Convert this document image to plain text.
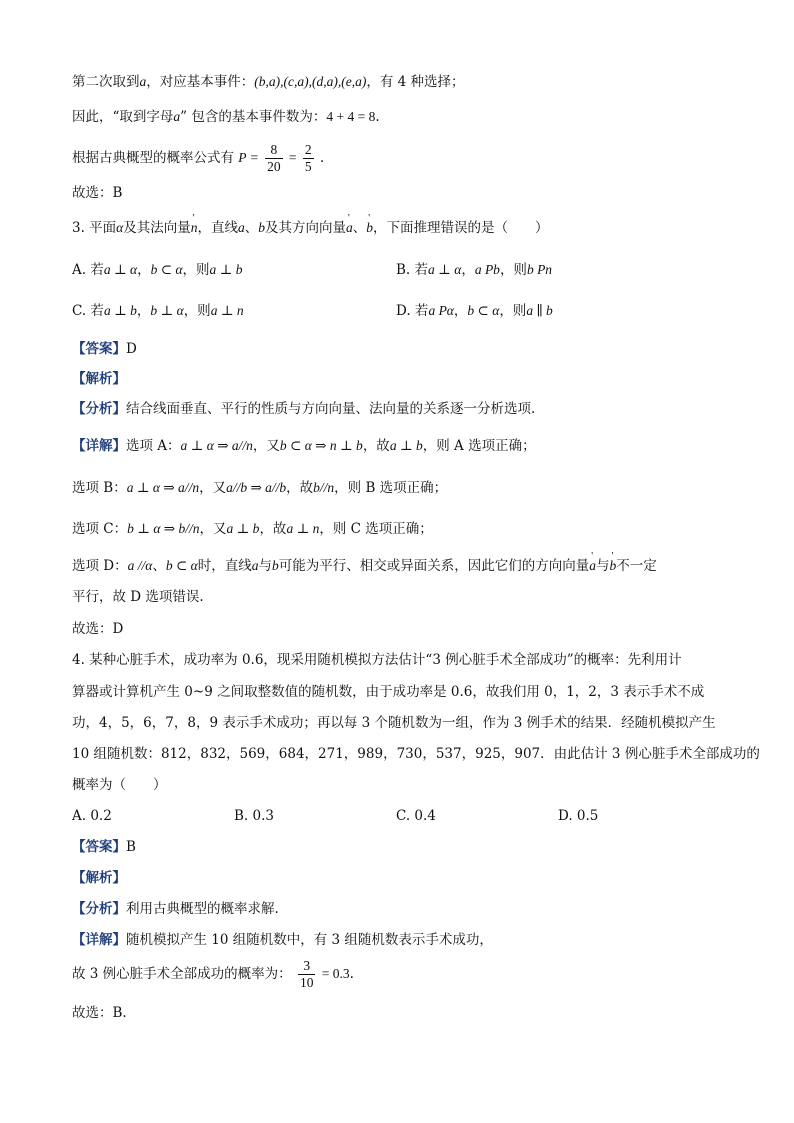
第二次取到a，对应基本事件：(b,a),(c,a),(d,a),(e,a)，有 4 种选择；
因此，“取到字母a” 包含的基本事件数为：4 + 4 = 8.
根据古典概型的概率公式有 $P = \frac{8}{20} = \frac{2}{5}$ .
故选：B
3. 平面α及其法向量' n，直线a、b及其方向向量' a、' b，下面推理错误的是（　　）
A. 若a ⊥ α，b ⊂ α，则a ⊥ b	B. 若a ⊥ α，a Pb，则b Pn
C. 若a ⊥ b，b ⊥ α，则a ⊥ n	D. 若a Pα，b ⊂ α，则a ∥ b
【答案】D
【解析】
【分析】结合线面垂直、平行的性质与方向向量、法向量的关系逐一分析选项.
【详解】选项 A：a ⊥ α ⇒ a//n，又b ⊂ α ⇒ n ⊥ b，故a ⊥ b，则 A 选项正确；
选项 B：a ⊥ α ⇒ a//n，又a//b ⇒ a//b，故b//n，则 B 选项正确；
选项 C：b ⊥ α ⇒ b//n，又a ⊥ b，故a ⊥ n，则 C 选项正确；
选项 D：a //α、b ⊂ α时，直线a与b可能为平行、相交或异面关系，因此它们的方向向量' a与' b不一定
平行，故 D 选项错误.
故选：D
4. 某种心脏手术，成功率为 0.6，现采用随机模拟方法估计“3 例心脏手术全部成功”的概率：先利用计
算器或计算机产生 0~9 之间取整数值的随机数，由于成功率是 0.6，故我们用 0，1，2，3 表示手术不成
功，4，5，6，7，8，9 表示手术成功；再以每 3 个随机数为一组，作为 3 例手术的结果．经随机模拟产生
10 组随机数：812，832，569，684，271，989，730，537，925，907．由此估计 3 例心脏手术全部成功的
概率为（　　）
A. 0.2	B. 0.3	C. 0.4	D. 0.5
【答案】B
【解析】
【分析】利用古典概型的概率求解.
【详解】随机模拟产生 10 组随机数中，有 3 组随机数表示手术成功，
故 3 例心脏手术全部成功的概率为： $\frac{3}{10} = 0.3$.
故选：B.
